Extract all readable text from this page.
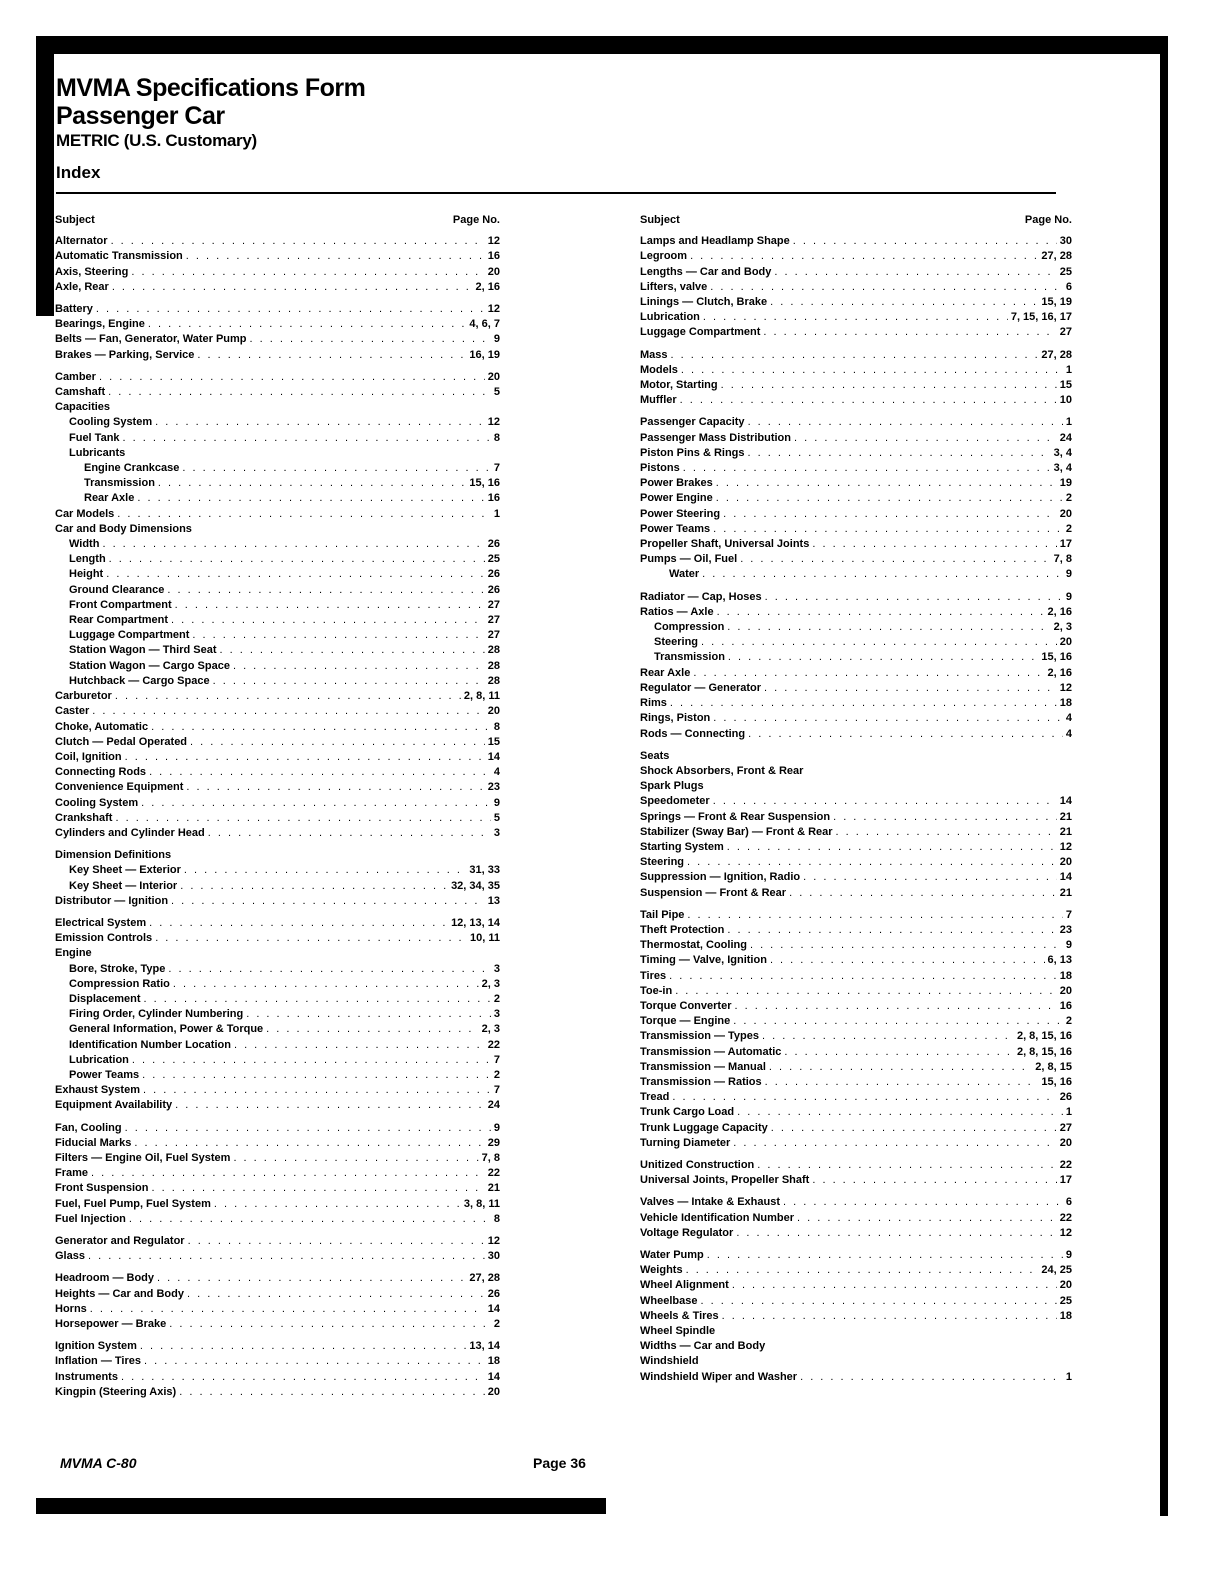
MVMA Specifications Form
Passenger Car
METRIC (U.S. Customary)
Index
Subject	Page No.
Alternator . . .	12
Automatic Transmission . . .	16
Axis, Steering . . .	20
Axle, Rear . . .	2, 16
Battery . . .	12
Bearings, Engine . . .	4, 6, 7
Belts — Fan, Generator, Water Pump . . .	9
Brakes — Parking, Service . . .	16, 19
Camber . . .	20
Camshaft . . .	5
Capacities
Cooling System . . .	12
Fuel Tank . . .	8
Lubricants
Engine Crankcase . . .	7
Transmission . . .	15, 16
Rear Axle . . .	16
Car Models . . .	1
Car and Body Dimensions
Width . . .	26
Length . . .	25
Height . . .	26
Ground Clearance . . .	26
Front Compartment . . .	27
Rear Compartment . . .	27
Luggage Compartment . . .	27
Station Wagon — Third Seat . . .	28
Station Wagon — Cargo Space . . .	28
Hutchback — Cargo Space . . .	28
Carburetor . . .	2, 8, 11
Caster . . .	20
Choke, Automatic . . .	8
Clutch — Pedal Operated . . .	15
Coil, Ignition . . .	14
Connecting Rods . . .	4
Convenience Equipment . . .	23
Cooling System . . .	9
Crankshaft . . .	5
Cylinders and Cylinder Head . . .	3
Dimension Definitions
Key Sheet — Exterior . . .	31, 33
Key Sheet — Interior . . .	32, 34, 35
Distributor — Ignition . . .	13
Electrical System . . .	12, 13, 14
Emission Controls . . .	10, 11
Engine
Bore, Stroke, Type . . .	3
Compression Ratio . . .	2, 3
Displacement . . .	2
Firing Order, Cylinder Numbering . . .	3
General Information, Power & Torque . . .	2, 3
Identification Number Location . . .	22
Lubrication . . .	7
Power Teams . . .	2
Exhaust System . . .	7
Equipment Availability . . .	24
Fan, Cooling . . .	9
Fiducial Marks . . .	29
Filters — Engine Oil, Fuel System . . .	7, 8
Frame . . .	22
Front Suspension . . .	21
Fuel, Fuel Pump, Fuel System . . .	3, 8, 11
Fuel Injection . . .	8
Generator and Regulator . . .	12
Glass . . .	30
Headroom — Body . . .	27, 28
Heights — Car and Body . . .	26
Horns . . .	14
Horsepower — Brake . . .	2
Ignition System . . .	13, 14
Inflation — Tires . . .	18
Instruments . . .	14
Kingpin (Steering Axis) . . .	20
Subject	Page No.
Lamps and Headlamp Shape . . .	30
Legroom . . .	27, 28
Lengths — Car and Body . . .	25
Lifters, valve . . .	6
Linings — Clutch, Brake . . .	15, 19
Lubrication . . .	7, 15, 16, 17
Luggage Compartment . . .	27
Mass . . .	27, 28
Models . . .	1
Motor, Starting . . .	15
Muffler . . .	10
Passenger Capacity . . .	1
Passenger Mass Distribution . . .	24
Piston Pins & Rings . . .	3, 4
Pistons . . .	3, 4
Power Brakes . . .	19
Power Engine . . .	2
Power Steering . . .	20
Power Teams . . .	2
Propeller Shaft, Universal Joints . . .	17
Pumps — Oil, Fuel . . .	7, 8
Water . . .	9
Radiator — Cap, Hoses . . .	9
Ratios — Axle . . .	2, 16
Compression . . .	2, 3
Steering . . .	20
Transmission . . .	15, 16
Rear Axle . . .	2, 16
Regulator — Generator . . .	12
Rims . . .	18
Rings, Piston . . .	4
Rods — Connecting . . .	4
Seats
Shock Absorbers, Front & Rear
Spark Plugs
Speedometer . . .	14
Springs — Front & Rear Suspension . . .	21
Stabilizer (Sway Bar) — Front & Rear . . .	21
Starting System . . .	12
Steering . . .	20
Suppression — Ignition, Radio . . .	14
Suspension — Front & Rear . . .	21
Tail Pipe . . .	7
Theft Protection . . .	23
Thermostat, Cooling . . .	9
Timing — Valve, Ignition . . .	6, 13
Tires . . .	18
Toe-in . . .	20
Torque Converter . . .	16
Torque — Engine . . .	2
Transmission — Types . . .	2, 8, 15, 16
Transmission — Automatic . . .	2, 8, 15, 16
Transmission — Manual . . .	2, 8, 15
Transmission — Ratios . . .	15, 16
Tread . . .	26
Trunk Cargo Load . . .	1
Trunk Luggage Capacity . . .	27
Turning Diameter . . .	20
Unitized Construction . . .	22
Universal Joints, Propeller Shaft . . .	17
Valves — Intake & Exhaust . . .	6
Vehicle Identification Number . . .	22
Voltage Regulator . . .	12
Water Pump . . .	9
Weights . . .	24, 25
Wheel Alignment . . .	20
Wheelbase . . .	25
Wheels & Tires . . .	18
Wheel Spindle
Widths — Car and Body
Windshield
Windshield Wiper and Washer . . .	1
MVMA C-80	Page 36
